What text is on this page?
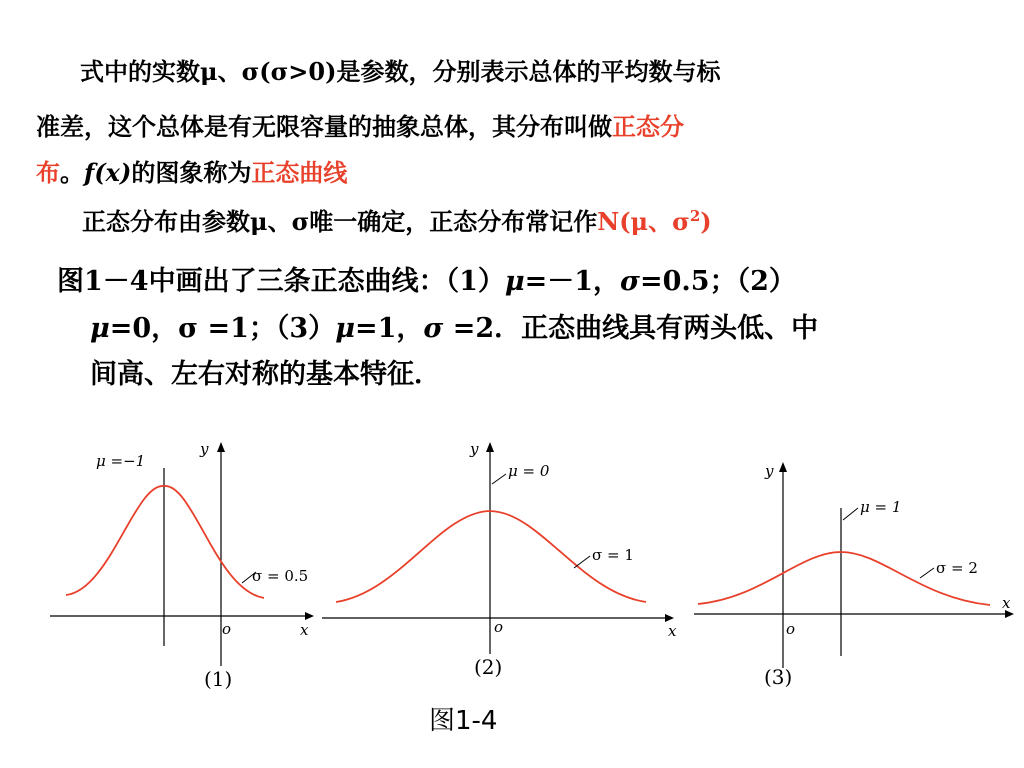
式中的实数μ、σ(σ>0)是参数，分别表示总体的平均数与标
准差，这个总体是有无限容量的抽象总体，其分布叫做正态分
布。f(x)的图象称为正态曲线
正态分布由参数μ、σ唯一确定，正态分布常记作N(μ、$\sigma^2$)
图1－4中画出了三条正态曲线：（1）μ=－1，σ=0.5；（2）
μ=0，σ =1；（3）μ=1，σ =2．正态曲线具有两头低、中
间高、左右对称的基本特征．
μ =−1
σ = 0.5
y
x
o
(1)
μ = 0
σ = 1
y
x
o
(2)
μ = 1
σ = 2
y
x
o
(3)
图1-4
